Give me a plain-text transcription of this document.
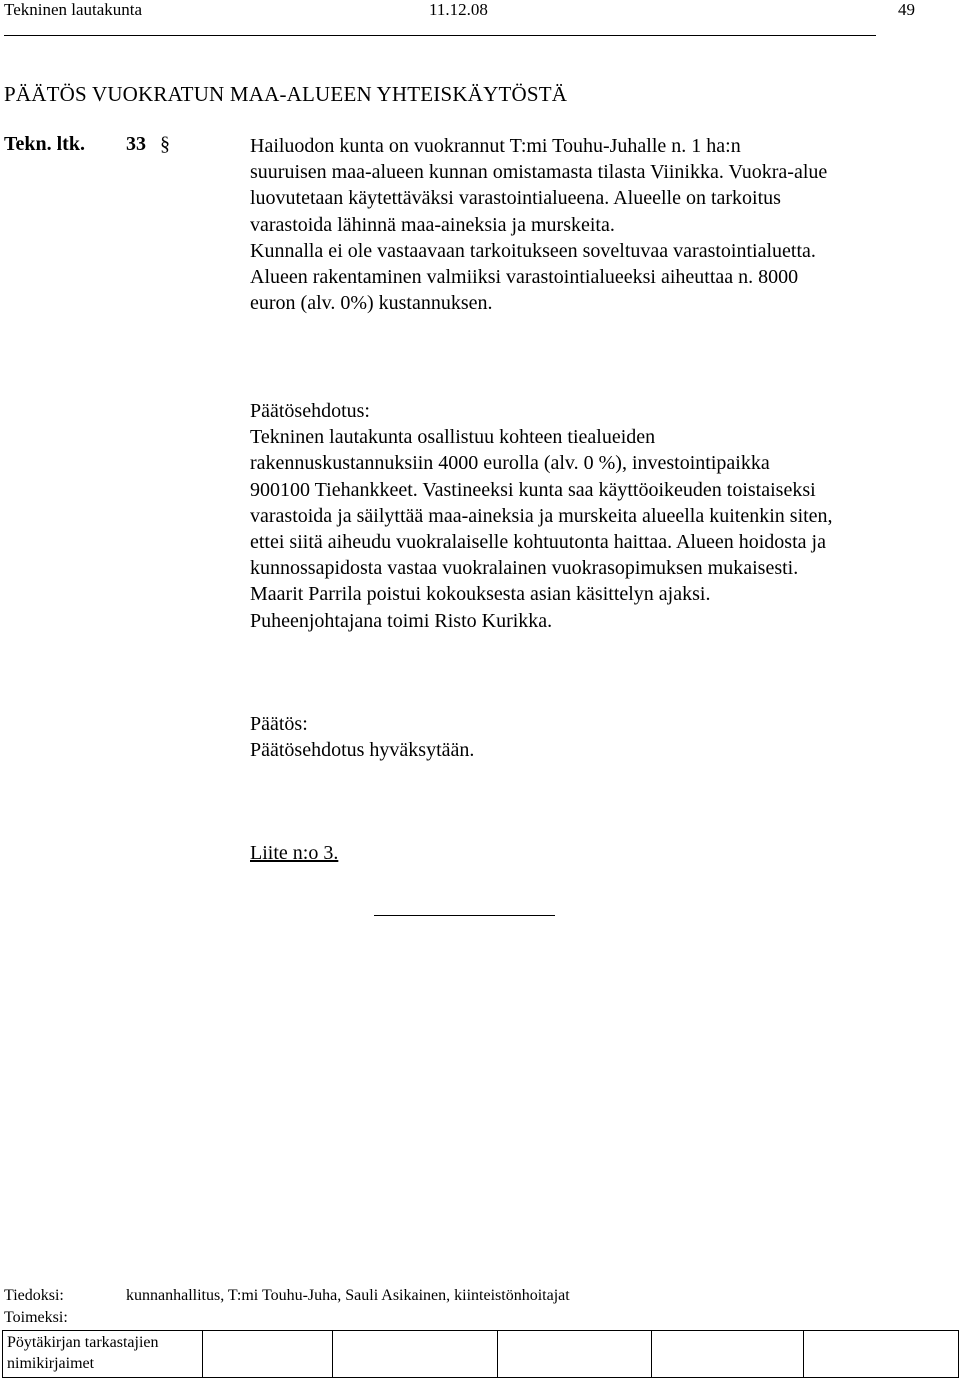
Tekninen lautakunta	11.12.08	49
PÄÄTÖS VUOKRATUN MAA-ALUEEN YHTEISKÄYTÖSTÄ
Tekn. ltk. 33 §	Hailuodon kunta on vuokrannut T:mi Touhu-Juhalle n. 1 ha:n
suuruisen maa-alueen kunnan omistamasta tilasta Viinikka. Vuokra-alue
luovutetaan käytettäväksi varastointialueena. Alueelle on tarkoitus
varastoida lähinnä maa-aineksia ja murskeita.
Kunnalla ei ole vastaavaan tarkoitukseen soveltuvaa varastointialuetta.
Alueen rakentaminen valmiiksi varastointialueeksi aiheuttaa n. 8000
euron (alv. 0%) kustannuksen.
Päätösehdotus:
Tekninen lautakunta osallistuu kohteen tiealueiden
rakennuskustannuksiin 4000 eurolla (alv. 0 %), investointipaikka
900100 Tiehankkeet. Vastineeksi kunta saa käyttöoikeuden toistaiseksi
varastoida ja säilyttää maa-aineksia ja murskeita alueella kuitenkin siten,
ettei siitä aiheudu vuokralaiselle kohtuutonta haittaa. Alueen hoidosta ja
kunnossapidosta vastaa vuokralainen vuokrasopimuksen mukaisesti.
Maarit Parrila poistui kokouksesta asian käsittelyn ajaksi.
Puheenjohtajana toimi Risto Kurikka.
Päätös:
Päätösehdotus hyväksytään.
Liite n:o 3.
Tiedoksi:	kunnanhallitus, T:mi Touhu-Juha, Sauli Asikainen, kiinteistönhoitajat
Toimeksi:
Pöytäkirjan tarkastajien
nimikirjaimet
